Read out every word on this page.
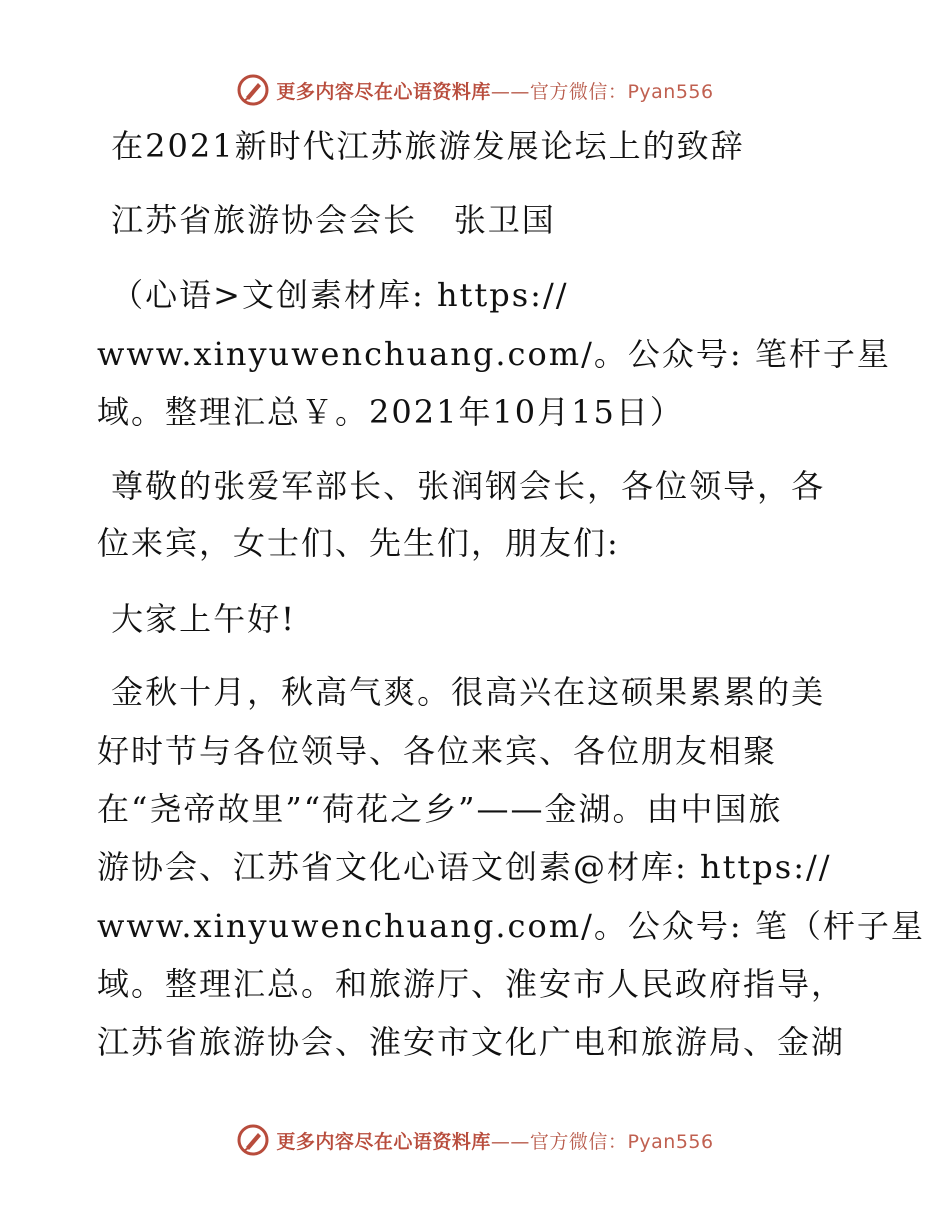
更多内容尽在心语资料库——官方微信：Pyan556
在2021新时代江苏旅游发展论坛上的致辞
江苏省旅游协会会长   张卫国
（心语>文创素材库: https://
www.xinyuwenchuang.com/。公众号: 笔杆子星
域。整理汇总￥。2021年10月15日）
尊敬的张爱军部长、张润钢会长，各位领导，各
位来宾，女士们、先生们，朋友们:
大家上午好!
金秋十月，秋高气爽。很高兴在这硕果累累的美
好时节与各位领导、各位来宾、各位朋友相聚
在“尧帝故里”“荷花之乡”——金湖。由中国旅
游协会、江苏省文化心语文创素@材库: https://
www.xinyuwenchuang.com/。公众号: 笔（杆子星
域。整理汇总。和旅游厅、淮安市人民政府指导，
江苏省旅游协会、淮安市文化广电和旅游局、金湖
更多内容尽在心语资料库——官方微信：Pyan556
